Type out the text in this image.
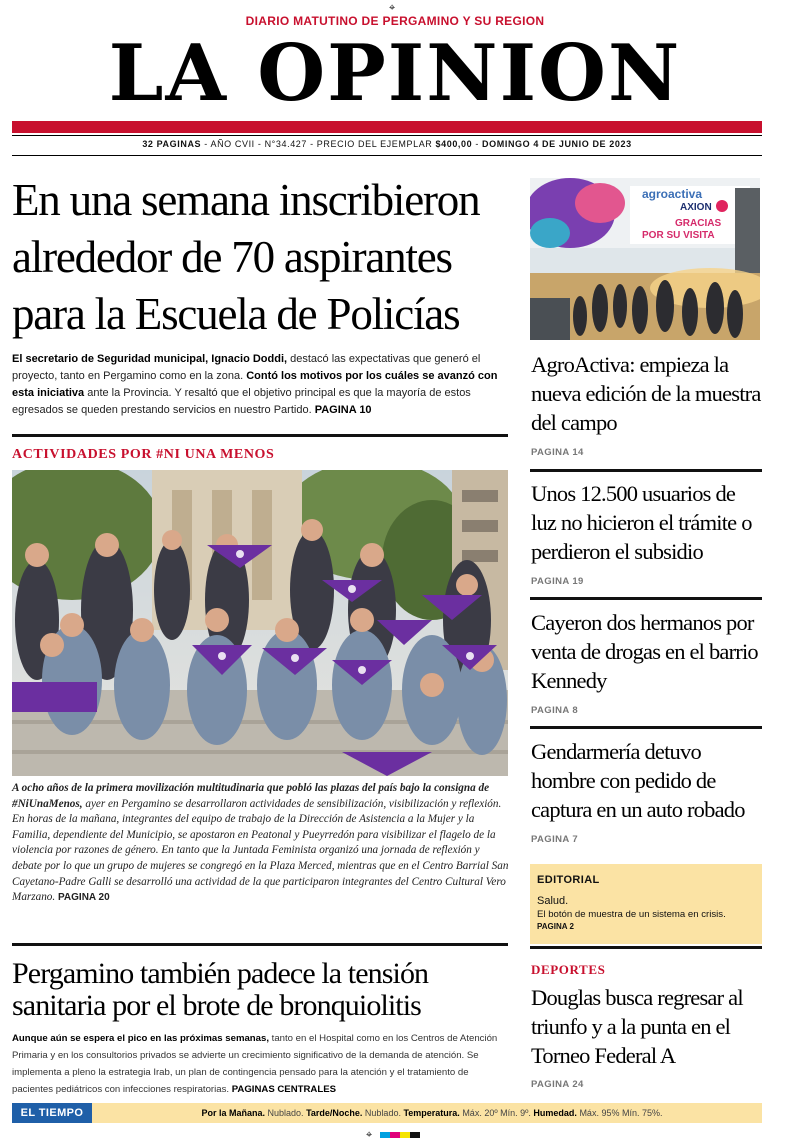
⌖
DIARIO MATUTINO DE PERGAMINO Y SU REGION
LA OPINION
32 PAGINAS - AÑO CVII - N°34.427 - PRECIO DEL EJEMPLAR $400,00 - DOMINGO 4 DE JUNIO DE 2023
En una semana inscribieron alrededor de 70 aspirantes para la Escuela de Policías
El secretario de Seguridad municipal, Ignacio Doddi, destacó las expectativas que generó el proyecto, tanto en Pergamino como en la zona. Contó los motivos por los cuáles se avanzó con esta iniciativa ante la Provincia. Y resaltó que el objetivo principal es que la mayoría de estos egresados se queden prestando servicios en nuestro Partido. PAGINA 10
ACTIVIDADES POR #NI UNA MENOS
A ocho años de la primera movilización multitudinaria que pobló las plazas del país bajo la consigna de #NiUnaMenos, ayer en Pergamino se desarrollaron actividades de sensibilización, visibilización y reflexión. En horas de la mañana, integrantes del equipo de trabajo de la Dirección de Asistencia a la Mujer y la Familia, dependiente del Municipio, se apostaron en Peatonal y Pueyrredón para visibilizar el flagelo de la violencia por razones de género. En tanto que la Juntada Feminista organizó una jornada de reflexión y debate por lo que un grupo de mujeres se congregó en la Plaza Merced, mientras que en el Centro Barrial San Cayetano-Padre Galli se desarrolló una actividad de la que participaron integrantes del Centro Cultural Vero Marzano. PAGINA 20
Pergamino también padece la tensión sanitaria por el brote de bronquiolitis
Aunque aún se espera el pico en las próximas semanas, tanto en el Hospital como en los Centros de Atención Primaria y en los consultorios privados se advierte un crecimiento significativo de la demanda de atención. Se implementa a pleno la estrategia Irab, un plan de contingencia pensado para la atención y el tratamiento de pacientes pediátricos con infecciones respiratorias. PAGINAS CENTRALES
agroactiva
AXION
GRACIAS
POR SU VISITA
AgroActiva: empieza la nueva edición de la muestra del campo
PAGINA 14
Unos 12.500 usuarios de luz no hicieron el trámite o perdieron el subsidio
PAGINA 19
Cayeron dos hermanos por venta de drogas en el barrio Kennedy
PAGINA 8
Gendarmería detuvo hombre con pedido de captura en un auto robado
PAGINA 7
EDITORIAL
Salud.
El botón de muestra de un sistema en crisis.
PAGINA 2
DEPORTES
Douglas busca regresar al triunfo y a la punta en el Torneo Federal A
PAGINA 24
EL TIEMPO	Por la Mañana. Nublado. Tarde/Noche. Nublado. Temperatura. Máx. 20º Mín. 9º. Humedad. Máx. 95% Mín. 75%.
⌖
